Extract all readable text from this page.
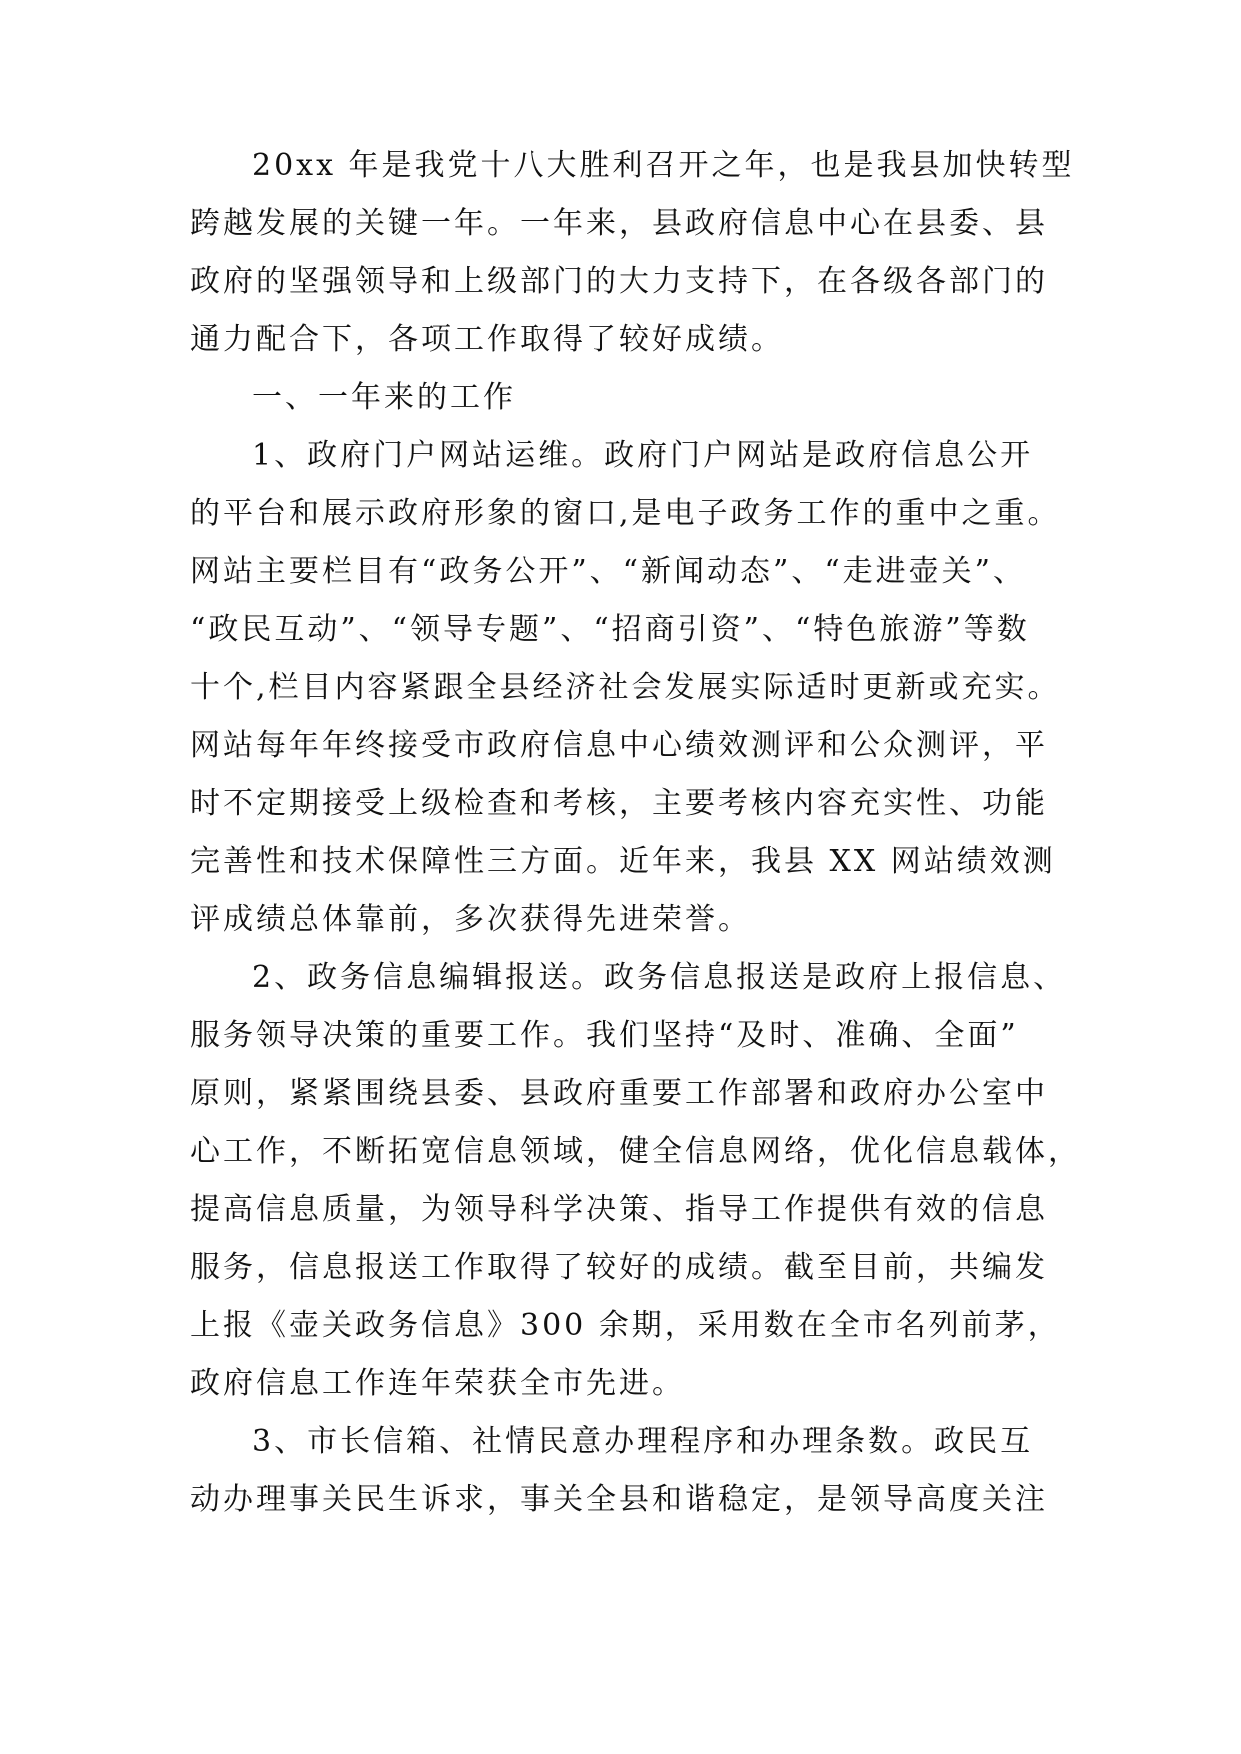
20xx 年是我党十八大胜利召开之年，也是我县加快转型
跨越发展的关键一年。一年来，县政府信息中心在县委、县
政府的坚强领导和上级部门的大力支持下，在各级各部门的
通力配合下，各项工作取得了较好成绩。
一、一年来的工作
1、政府门户网站运维。政府门户网站是政府信息公开
的平台和展示政府形象的窗口,是电子政务工作的重中之重。
网站主要栏目有“政务公开”、“新闻动态”、“走进壶关”、
“政民互动”、“领导专题”、“招商引资”、“特色旅游”等数
十个,栏目内容紧跟全县经济社会发展实际适时更新或充实。
网站每年年终接受市政府信息中心绩效测评和公众测评，平
时不定期接受上级检查和考核，主要考核内容充实性、功能
完善性和技术保障性三方面。近年来，我县 XX 网站绩效测
评成绩总体靠前，多次获得先进荣誉。
2、政务信息编辑报送。政务信息报送是政府上报信息、
服务领导决策的重要工作。我们坚持“及时、准确、全面”
原则，紧紧围绕县委、县政府重要工作部署和政府办公室中
心工作，不断拓宽信息领域，健全信息网络，优化信息载体，
提高信息质量，为领导科学决策、指导工作提供有效的信息
服务，信息报送工作取得了较好的成绩。截至目前，共编发
上报《壶关政务信息》300 余期，采用数在全市名列前茅，
政府信息工作连年荣获全市先进。
3、市长信箱、社情民意办理程序和办理条数。政民互
动办理事关民生诉求，事关全县和谐稳定，是领导高度关注
